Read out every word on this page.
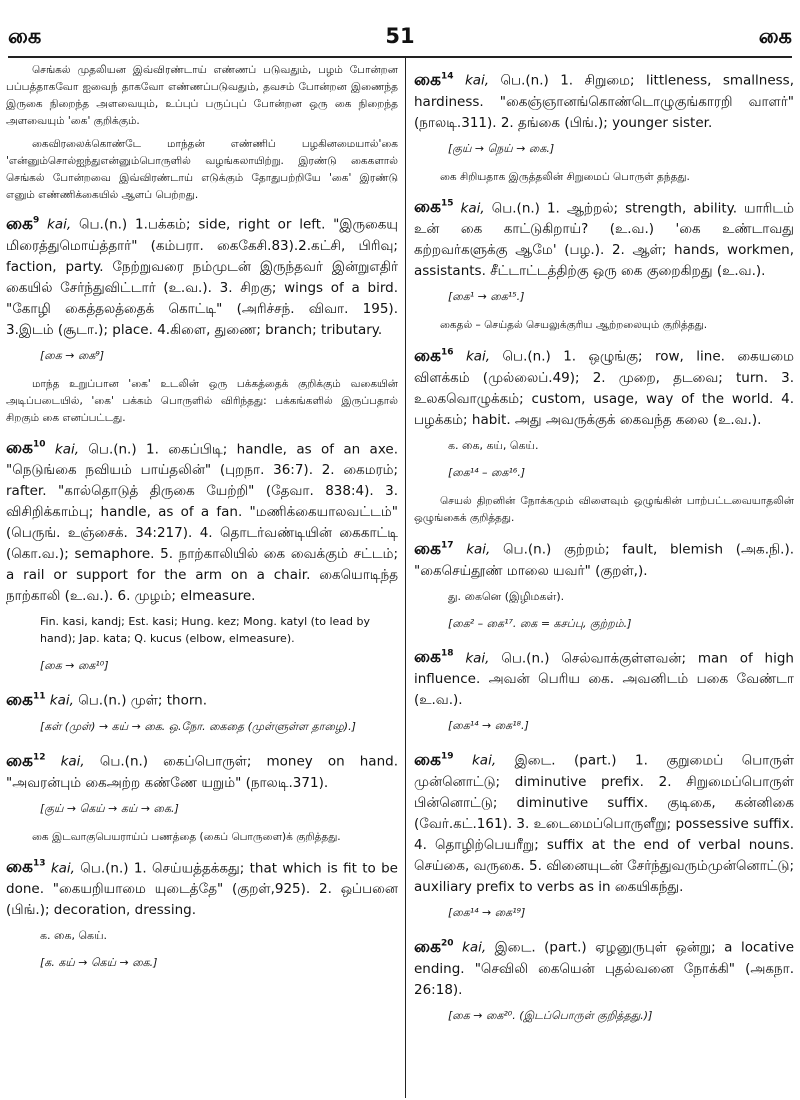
51
கை	கை

செங்கல் முதலியன இவ்விரண்டாய் எண்ணப் படுவதும், பழம் போன்றன பப்பத்தாகவோ ஐவைந் தாகவோ எண்ணப்படுவதும், தவசம் போன்றன இணைந்த இருகை நிறைந்த அளவையும், உப்புப் பருப்புப் போன்றன ஒரு கை நிறைந்த அளவையும் 'கை' குறிக்கும்.

கைவிரலைக்கொண்டே மாந்தன் எண்ணிப் பழகினமையால்'கை 'என்னும்சொல்ஐந்துஎன்னும்பொருளில் வழங்கலாயிற்று. இரண்டு கைகளால் செங்கல் போன்றவை இவ்விரண்டாய் எடுக்கும் தோதுபற்றியே 'கை' இரண்டு எனும் எண்ணிக்கையில் ஆளப் பெற்றது.

கை$^9$ kai, பெ.(n.) 1.பக்கம்; side, right or left. "இருகையு மிரைத்துமொய்த்தார்" (கம்பரா. கைகேசி.83).2.கட்சி, பிரிவு; faction, party. நேற்றுவரை நம்முடன் இருந்தவர் இன்றுஎதிர் கையில் சேர்ந்துவிட்டார் (உ.வ.). 3. சிறகு; wings of a bird. "கோழி கைத்தலத்தைக் கொட்டி" (அரிச்சந். விவா. 195). 3.இடம் (சூடா.); place. 4.கிளை, துணை; branch; tributary.
[கை → கை⁹]
மாந்த உறுப்பான 'கை' உடலின் ஒரு பக்கத்தைக் குறிக்கும் வகையின் அடிப்படையில், 'கை' பக்கம் பொருளில் விரிந்தது: பக்கங்களில் இருப்பதால் சிறகும் கை எனப்பட்டது.
கை$^{10}$ kai, பெ.(n.) 1. கைப்பிடி; handle, as of an axe. "நெடுங்கை நவியம் பாய்தலின்" (புறநா. 36:7). 2. கைமரம்; rafter. "கால்தொடுத் திருகை யேற்றி" (தேவா. 838:4). 3. விசிறிக்காம்பு; handle, as of a fan. "மணிக்கையாலவட்டம்" (பெருங். உஞ்சைக். 34:217). 4. தொடர்வண்டியின் கைகாட்டி (கொ.வ.); semaphore. 5. நாற்காலியில் கை வைக்கும் சட்டம்; a rail or support for the arm on a chair. கையொடிந்த நாற்காலி (உ.வ.). 6. முழம்; elmeasure.
Fin. kasi, kandj; Est. kasi; Hung. kez; Mong. katyl (to lead by hand); Jap. kata; Q. kucus (elbow, elmeasure).
[கை → கை¹⁰]
கை$^{11}$ kai, பெ.(n.) முள்; thorn.
[கள் (முள்) → கய் → கை. ஒ.நோ. கைதை (முள்ளுள்ள தாழை).]
கை$^{12}$ kai, பெ.(n.) கைப்பொருள்; money on hand. "அவரன்பும் கைஅற்ற கண்ணே யறும்" (நாலடி.371).
[குய் → கெய் → கய் → கை.]
கை இடவாகுபெயராய்ப் பணத்தை (கைப் பொருளை)க் குறித்தது.
கை$^{13}$ kai, பெ.(n.) 1. செய்யத்தக்கது; that which is fit to be done. "கையறியாமை யுடைத்தே" (குறள்,925). 2. ஒப்பனை (பிங்.); decoration, dressing.
க. கை, கெய்.
[க. கய் → கெய் → கை.]
கை$^{14}$ kai, பெ.(n.) 1. சிறுமை; littleness, smallness, hardiness. "கைஞ்ஞானங்கொண்டொழுகுங்காரறி வாளர்" (நாலடி.311). 2. தங்கை (பிங்.); younger sister.
[குய் → நெய் → கை.]
கை சிறியதாக இருத்தலின் சிறுமைப் பொருள் தந்தது.
கை$^{15}$ kai, பெ.(n.) 1. ஆற்றல்; strength, ability. யாரிடம் உன் கை காட்டுகிறாய்? (உ.வ.) 'கை உண்டாவது கற்றவர்களுக்கு ஆமே' (பழ.). 2. ஆள்; hands, workmen, assistants. சீட்டாட்டத்திற்கு ஒரு கை குறைகிறது (உ.வ.).
[கை¹ → கை¹⁵.]
கைதல் – செய்தல் செயலுக்குரிய ஆற்றலையும் குறித்தது.
கை$^{16}$ kai, பெ.(n.) 1. ஒழுங்கு; row, line. கையமை விளக்கம் (முல்லைப்.49); 2. முறை, தடவை; turn. 3. உலகவொழுக்கம்; custom, usage, way of the world. 4. பழக்கம்; habit. அது அவருக்குக் கைவந்த கலை (உ.வ.).
க. கை, கய், கெய்.
[கை¹⁴ – கை¹⁶.]
செயல் திறனின் நோக்கமும் விளைவும் ஒழுங்கின் பாற்பட்டவையாதலின் ஒழுங்கைக் குறித்தது.
கை$^{17}$ kai, பெ.(n.) குற்றம்; fault, blemish (அக.நி.). "கைசெய்தூண் மாலை யவர்" (குறள்,).
து. கைனெ (இழிமகள்).
[கை² – கை¹⁷. கை = கசப்பு, குற்றம்.]
கை$^{18}$ kai, பெ.(n.) செல்வாக்குள்ளவன்; man of high influence. அவன் பெரிய கை. அவனிடம் பகை வேண்டா (உ.வ.).
[கை¹⁴ → கை¹⁸.]
கை$^{19}$ kai, இடை. (part.) 1. குறுமைப் பொருள் முன்னொட்டு; diminutive prefix. 2. சிறுமைப்பொருள் பின்னொட்டு; diminutive suffix. குடிகை, கன்னிகை (வேர்.கட்.161). 3. உடைமைப்பொருளீறு; possessive suffix. 4. தொழிற்பெயரீறு; suffix at the end of verbal nouns. செய்கை, வருகை. 5. வினையுடன் சேர்ந்துவரும்முன்னொட்டு; auxiliary prefix to verbs as in கையிகந்து.
[கை¹⁴ → கை¹⁹]
கை$^{20}$ kai, இடை. (part.) ஏழனுருபுள் ஒன்று; a locative ending. "செவிலி கையென் புதல்வனை நோக்கி" (அகநா. 26:18).
[கை → கை²⁰. (இடப்பொருள் குறித்தது.)]
